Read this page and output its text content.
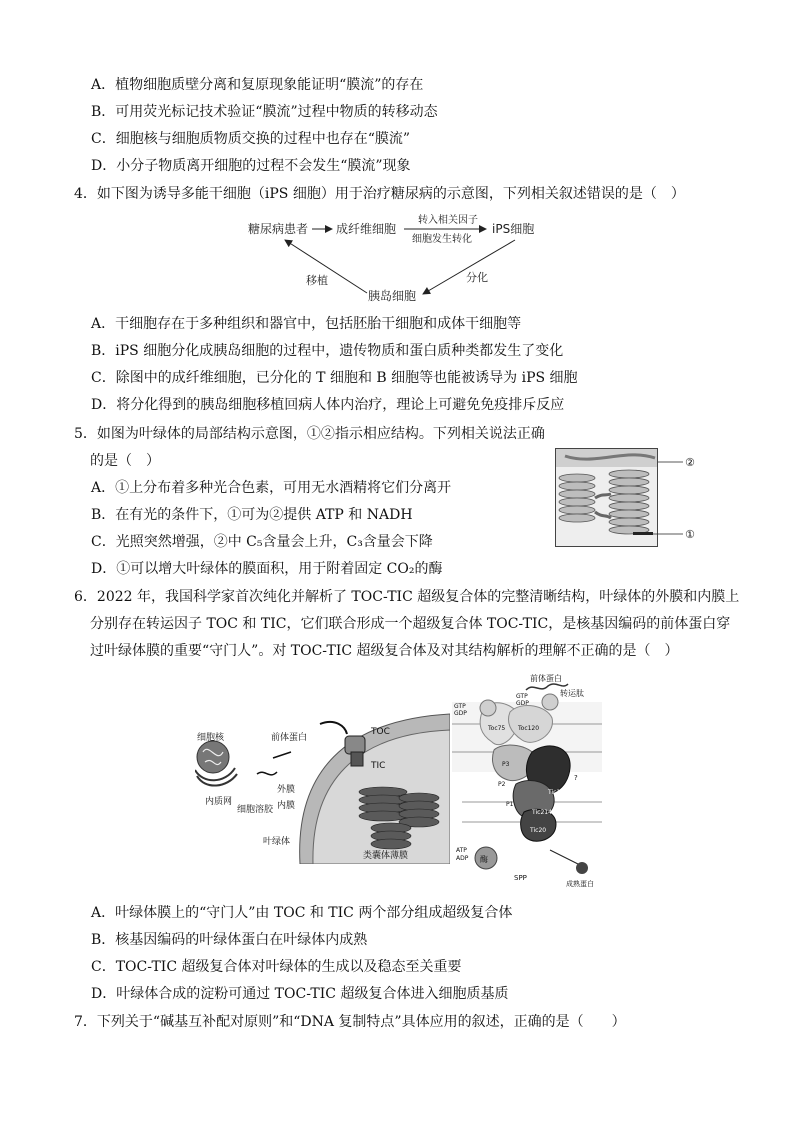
A．植物细胞质壁分离和复原现象能证明“膜流”的存在
B．可用荧光标记技术验证“膜流”过程中物质的转移动态
C．细胞核与细胞质物质交换的过程中也存在“膜流”
D．小分子物质离开细胞的过程不会发生“膜流”现象
4．如下图为诱导多能干细胞（iPS 细胞）用于治疗糖尿病的示意图，下列相关叙述错误的是（　）
糖尿病患者 成纤维细胞
转入相关因子
细胞发生转化
iPS细胞
胰岛细胞
分化
移植
A．干细胞存在于多种组织和器官中，包括胚胎干细胞和成体干细胞等
B．iPS 细胞分化成胰岛细胞的过程中，遗传物质和蛋白质种类都发生了变化
C．除图中的成纤维细胞，已分化的 T 细胞和 B 细胞等也能被诱导为 iPS 细胞
D．将分化得到的胰岛细胞移植回病人体内治疗，理论上可避免免疫排斥反应
5．如图为叶绿体的局部结构示意图，①②指示相应结构。下列相关说法正确
的是（　）
A．①上分布着多种光合色素，可用无水酒精将它们分离开
B．在有光的条件下，①可为②提供 ATP 和 NADH
C．光照突然增强，②中 C₅含量会上升，C₃含量会下降
D．①可以增大叶绿体的膜面积，用于附着固定 CO₂的酶
②
①
6．2022 年，我国科学家首次纯化并解析了 TOC-TIC 超级复合体的完整清晰结构，叶绿体的外膜和内膜上
分别存在转运因子 TOC 和 TIC，它们联合形成一个超级复合体 TOC-TIC，是核基因编码的前体蛋白穿
过叶绿体膜的重要“守门人”。对 TOC-TIC 超级复合体及对其结构解析的理解不正确的是（　）
细胞核
内质网
细胞溶胶
前体蛋白
TOC
TIC
外膜
内膜
叶绿体
类囊体薄膜
前体蛋白
转运肽
GTP
GDP
GTP
GDP
Toc75 Toc120
P3
P2
P1
Tic100
Tic214
Tic20
?
酶
ATP
ADP
SPP
成熟蛋白
A．叶绿体膜上的“守门人”由 TOC 和 TIC 两个部分组成超级复合体
B．核基因编码的叶绿体蛋白在叶绿体内成熟
C．TOC-TIC 超级复合体对叶绿体的生成以及稳态至关重要
D．叶绿体合成的淀粉可通过 TOC-TIC 超级复合体进入细胞质基质
7．下列关于“碱基互补配对原则”和“DNA 复制特点”具体应用的叙述，正确的是（　　）
